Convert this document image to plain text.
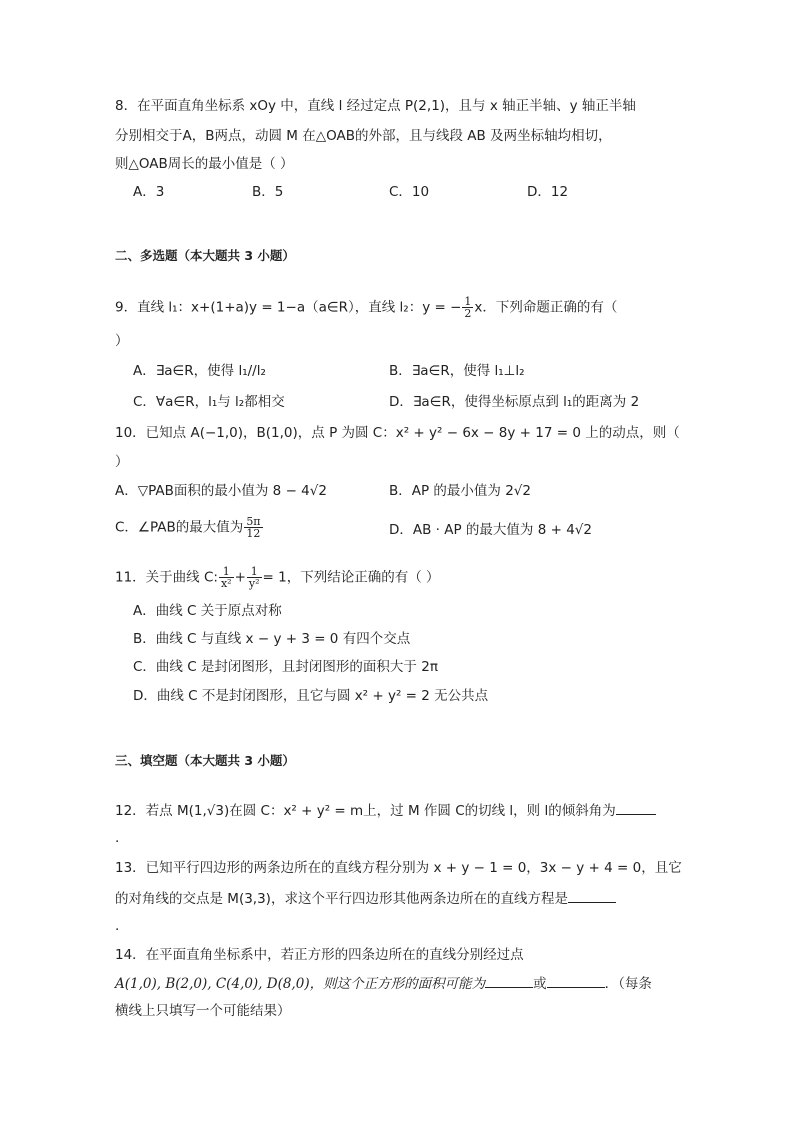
8．在平面直角坐标系 xOy 中，直线 l 经过定点 P(2,1)，且与 x 轴正半轴、y 轴正半轴
分别相交于A，B两点，动圆 M 在△OAB的外部，且与线段 AB 及两坐标轴均相切，
则△OAB周长的最小值是（ ）
A．3	B．5	C．10	D．12
二、多选题（本大题共 3 小题）
9．直线 l₁：x+(1+a)y = 1−a（a∈R），直线 l₂：y = − $\frac{1}{2}$ x．下列命题正确的有（
）
A．∃a∈R，使得 l₁//l₂	B．∃a∈R，使得 l₁⊥l₂
C．∀a∈R，l₁与 l₂都相交	D．∃a∈R，使得坐标原点到 l₁的距离为 2
10．已知点 A(−1,0)，B(1,0)，点 P 为圆 C：x² + y² − 6x − 8y + 17 = 0 上的动点，则（
）
A．▽PAB面积的最小值为 8 − 4√2	B．AP 的最小值为 2√2
C．∠PAB的最大值为 $\frac{5\pi}{12}$	D．AB · AP 的最大值为 8 + 4√2
11．关于曲线 C: $\frac{1}{\text{x²}} + \frac{1}{\text{y²}} = 1$，下列结论正确的有（ ）
A．曲线 C 关于原点对称
B．曲线 C 与直线 x − y + 3 = 0 有四个交点
C．曲线 C 是封闭图形，且封闭图形的面积大于 2π
D．曲线 C 不是封闭图形，且它与圆 x² + y² = 2 无公共点
三、填空题（本大题共 3 小题）
12．若点 M(1,√3)在圆 C：x² + y² = m上，过 M 作圆 C的切线 l，则 l的倾斜角为
.
13．已知平行四边形的两条边所在的直线方程分别为 x + y − 1 = 0，3x − y + 4 = 0，且它
的对角线的交点是 M(3,3)，求这个平行四边形其他两条边所在的直线方程是
.
14．在平面直角坐标系中，若正方形的四条边所在的直线分别经过点
A(1,0), B(2,0), C(4,0), D(8,0)，则这个正方形的面积可能为	或	．（每条
横线上只填写一个可能结果）
